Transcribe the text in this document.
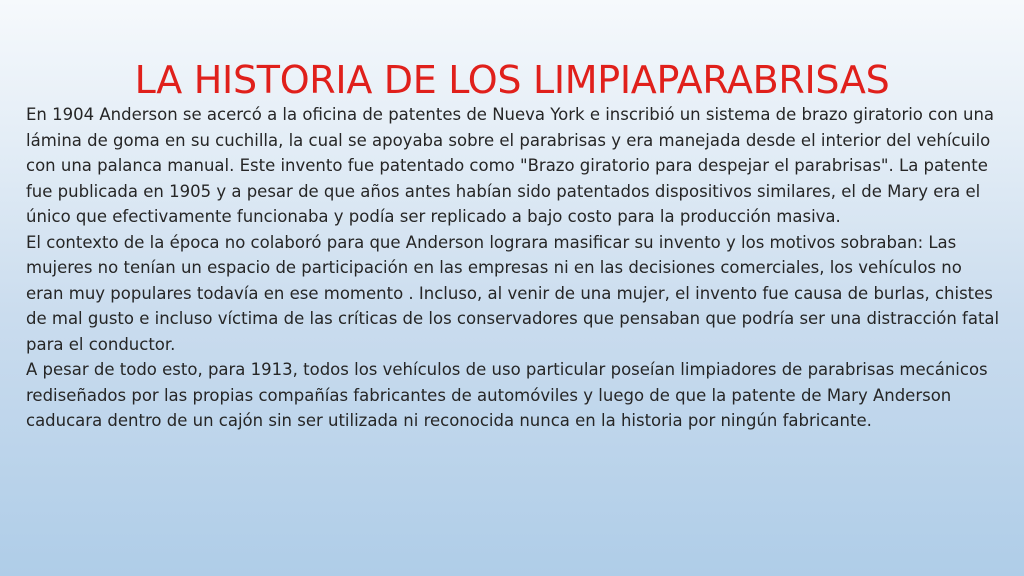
LA HISTORIA DE LOS LIMPIAPARABRISAS
En 1904 Anderson se acercó a la oficina de patentes de Nueva York e inscribió un sistema de brazo giratorio con una
lámina de goma en su cuchilla, la cual se apoyaba sobre el parabrisas y era manejada desde el interior del vehícuilo
con una palanca manual. Este invento fue patentado como "Brazo giratorio para despejar el parabrisas". La patente
fue publicada en 1905 y a pesar de que años antes habían sido patentados dispositivos similares, el de Mary era el
único que efectivamente funcionaba y podía ser replicado a bajo costo para la producción masiva.
El contexto de la época no colaboró para que Anderson lograra masificar su invento y los motivos sobraban: Las
mujeres no tenían un espacio de participación en las empresas ni en las decisiones comerciales, los vehículos no
eran muy populares todavía en ese momento . Incluso, al venir de una mujer, el invento fue causa de burlas, chistes
de mal gusto e incluso víctima de las críticas de los conservadores que pensaban que podría ser una distracción fatal
para el conductor.
A pesar de todo esto, para 1913, todos los vehículos de uso particular poseían limpiadores de parabrisas mecánicos
rediseñados por las propias compañías fabricantes de automóviles y luego de que la patente de Mary Anderson
caducara dentro de un cajón sin ser utilizada ni reconocida nunca en la historia por ningún fabricante.
